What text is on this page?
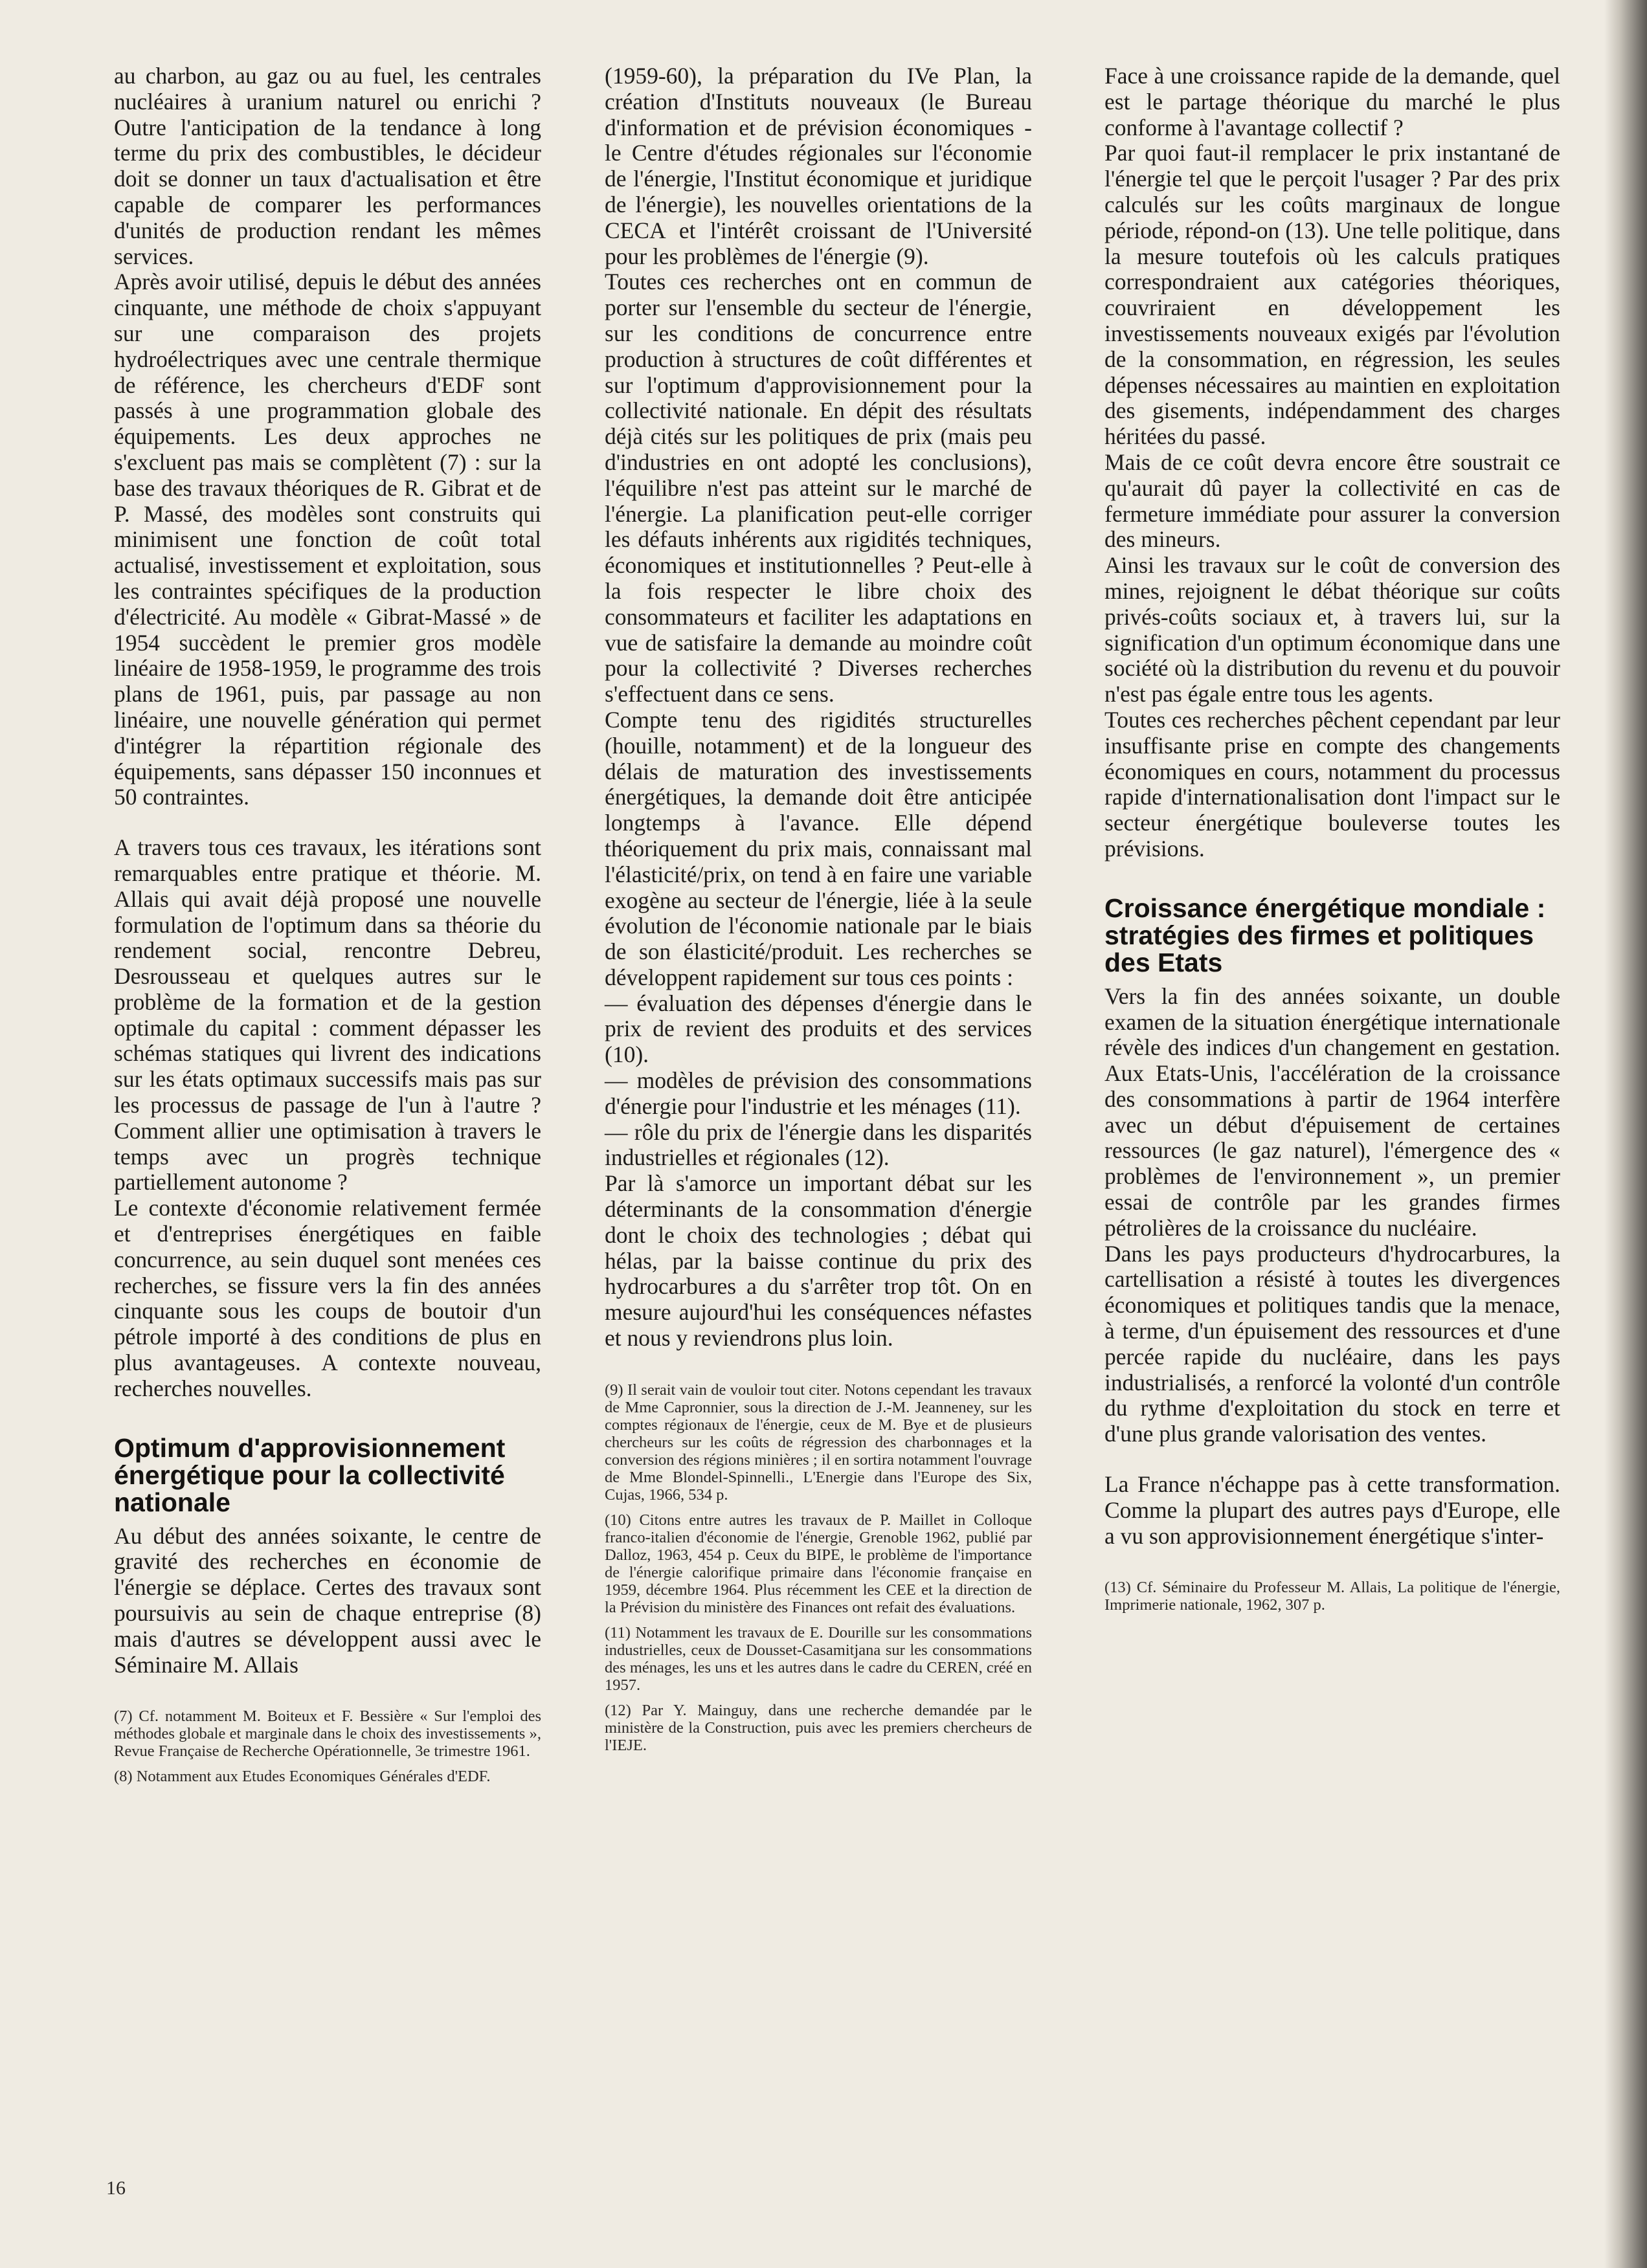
au charbon, au gaz ou au fuel, les centrales nucléaires à uranium naturel ou enrichi ? Outre l'anticipation de la tendance à long terme du prix des combustibles, le décideur doit se donner un taux d'actualisation et être capable de comparer les performances d'unités de production rendant les mêmes services.

Après avoir utilisé, depuis le début des années cinquante, une méthode de choix s'appuyant sur une comparaison des projets hydroélectriques avec une centrale thermique de référence, les chercheurs d'EDF sont passés à une programmation globale des équipements. Les deux approches ne s'excluent pas mais se complètent (7) : sur la base des travaux théoriques de R. Gibrat et de P. Massé, des modèles sont construits qui minimisent une fonction de coût total actualisé, investissement et exploitation, sous les contraintes spécifiques de la production d'électricité. Au modèle « Gibrat-Massé » de 1954 succèdent le premier gros modèle linéaire de 1958-1959, le programme des trois plans de 1961, puis, par passage au non linéaire, une nouvelle génération qui permet d'intégrer la répartition régionale des équipements, sans dépasser 150 inconnues et 50 contraintes.

A travers tous ces travaux, les itérations sont remarquables entre pratique et théorie. M. Allais qui avait déjà proposé une nouvelle formulation de l'optimum dans sa théorie du rendement social, rencontre Debreu, Desrousseau et quelques autres sur le problème de la formation et de la gestion optimale du capital : comment dépasser les schémas statiques qui livrent des indications sur les états optimaux successifs mais pas sur les processus de passage de l'un à l'autre ? Comment allier une optimisation à travers le temps avec un progrès technique partiellement autonome ?

Le contexte d'économie relativement fermée et d'entreprises énergétiques en faible concurrence, au sein duquel sont menées ces recherches, se fissure vers la fin des années cinquante sous les coups de boutoir d'un pétrole importé à des conditions de plus en plus avantageuses. A contexte nouveau, recherches nouvelles.

Optimum d'approvisionnement énergétique pour la collectivité nationale

Au début des années soixante, le centre de gravité des recherches en économie de l'énergie se déplace. Certes des travaux sont poursuivis au sein de chaque entreprise (8) mais d'autres se développent aussi avec le Séminaire M. Allais

(7) Cf. notamment M. Boiteux et F. Bessière « Sur l'emploi des méthodes globale et marginale dans le choix des investissements », Revue Française de Recherche Opérationnelle, 3e trimestre 1961.

(8) Notamment aux Etudes Economiques Générales d'EDF.

(1959-60), la préparation du IVe Plan, la création d'Instituts nouveaux (le Bureau d'information et de prévision économiques - le Centre d'études régionales sur l'économie de l'énergie, l'Institut économique et juridique de l'énergie), les nouvelles orientations de la CECA et l'intérêt croissant de l'Université pour les problèmes de l'énergie (9).

Toutes ces recherches ont en commun de porter sur l'ensemble du secteur de l'énergie, sur les conditions de concurrence entre production à structures de coût différentes et sur l'optimum d'approvisionnement pour la collectivité nationale. En dépit des résultats déjà cités sur les politiques de prix (mais peu d'industries en ont adopté les conclusions), l'équilibre n'est pas atteint sur le marché de l'énergie. La planification peut-elle corriger les défauts inhérents aux rigidités techniques, économiques et institutionnelles ? Peut-elle à la fois respecter le libre choix des consommateurs et faciliter les adaptations en vue de satisfaire la demande au moindre coût pour la collectivité ? Diverses recherches s'effectuent dans ce sens.

Compte tenu des rigidités structurelles (houille, notamment) et de la longueur des délais de maturation des investissements énergétiques, la demande doit être anticipée longtemps à l'avance. Elle dépend théoriquement du prix mais, connaissant mal l'élasticité/prix, on tend à en faire une variable exogène au secteur de l'énergie, liée à la seule évolution de l'économie nationale par le biais de son élasticité/produit. Les recherches se développent rapidement sur tous ces points :

— évaluation des dépenses d'énergie dans le prix de revient des produits et des services (10).
— modèles de prévision des consommations d'énergie pour l'industrie et les ménages (11).
— rôle du prix de l'énergie dans les disparités industrielles et régionales (12).

Par là s'amorce un important débat sur les déterminants de la consommation d'énergie dont le choix des technologies ; débat qui hélas, par la baisse continue du prix des hydrocarbures a du s'arrêter trop tôt. On en mesure aujourd'hui les conséquences néfastes et nous y reviendrons plus loin.

(9) Il serait vain de vouloir tout citer. Notons cependant les travaux de Mme Capronnier, sous la direction de J.-M. Jeanneney, sur les comptes régionaux de l'énergie, ceux de M. Bye et de plusieurs chercheurs sur les coûts de régression des charbonnages et la conversion des régions minières ; il en sortira notamment l'ouvrage de Mme Blondel-Spinnelli., L'Energie dans l'Europe des Six, Cujas, 1966, 534 p.

(10) Citons entre autres les travaux de P. Maillet in Colloque franco-italien d'économie de l'énergie, Grenoble 1962, publié par Dalloz, 1963, 454 p. Ceux du BIPE, le problème de l'importance de l'énergie calorifique primaire dans l'économie française en 1959, décembre 1964. Plus récemment les CEE et la direction de la Prévision du ministère des Finances ont refait des évaluations.

(11) Notamment les travaux de E. Dourille sur les consommations industrielles, ceux de Dousset-Casamitjana sur les consommations des ménages, les uns et les autres dans le cadre du CEREN, créé en 1957.

(12) Par Y. Mainguy, dans une recherche demandée par le ministère de la Construction, puis avec les premiers chercheurs de l'IEJE.

Face à une croissance rapide de la demande, quel est le partage théorique du marché le plus conforme à l'avantage collectif ?

Par quoi faut-il remplacer le prix instantané de l'énergie tel que le perçoit l'usager ? Par des prix calculés sur les coûts marginaux de longue période, répond-on (13). Une telle politique, dans la mesure toutefois où les calculs pratiques correspondraient aux catégories théoriques, couvriraient en développement les investissements nouveaux exigés par l'évolution de la consommation, en régression, les seules dépenses nécessaires au maintien en exploitation des gisements, indépendamment des charges héritées du passé.

Mais de ce coût devra encore être soustrait ce qu'aurait dû payer la collectivité en cas de fermeture immédiate pour assurer la conversion des mineurs.

Ainsi les travaux sur le coût de conversion des mines, rejoignent le débat théorique sur coûts privés-coûts sociaux et, à travers lui, sur la signification d'un optimum économique dans une société où la distribution du revenu et du pouvoir n'est pas égale entre tous les agents.

Toutes ces recherches pêchent cependant par leur insuffisante prise en compte des changements économiques en cours, notamment du processus rapide d'internationalisation dont l'impact sur le secteur énergétique bouleverse toutes les prévisions.

Croissance énergétique mondiale : stratégies des firmes et politiques des Etats

Vers la fin des années soixante, un double examen de la situation énergétique internationale révèle des indices d'un changement en gestation. Aux Etats-Unis, l'accélération de la croissance des consommations à partir de 1964 interfère avec un début d'épuisement de certaines ressources (le gaz naturel), l'émergence des « problèmes de l'environnement », un premier essai de contrôle par les grandes firmes pétrolières de la croissance du nucléaire.

Dans les pays producteurs d'hydrocarbures, la cartellisation a résisté à toutes les divergences économiques et politiques tandis que la menace, à terme, d'un épuisement des ressources et d'une percée rapide du nucléaire, dans les pays industrialisés, a renforcé la volonté d'un contrôle du rythme d'exploitation du stock en terre et d'une plus grande valorisation des ventes.

La France n'échappe pas à cette transformation. Comme la plupart des autres pays d'Europe, elle a vu son approvisionnement énergétique s'inter-

(13) Cf. Séminaire du Professeur M. Allais, La politique de l'énergie, Imprimerie nationale, 1962, 307 p.

16
